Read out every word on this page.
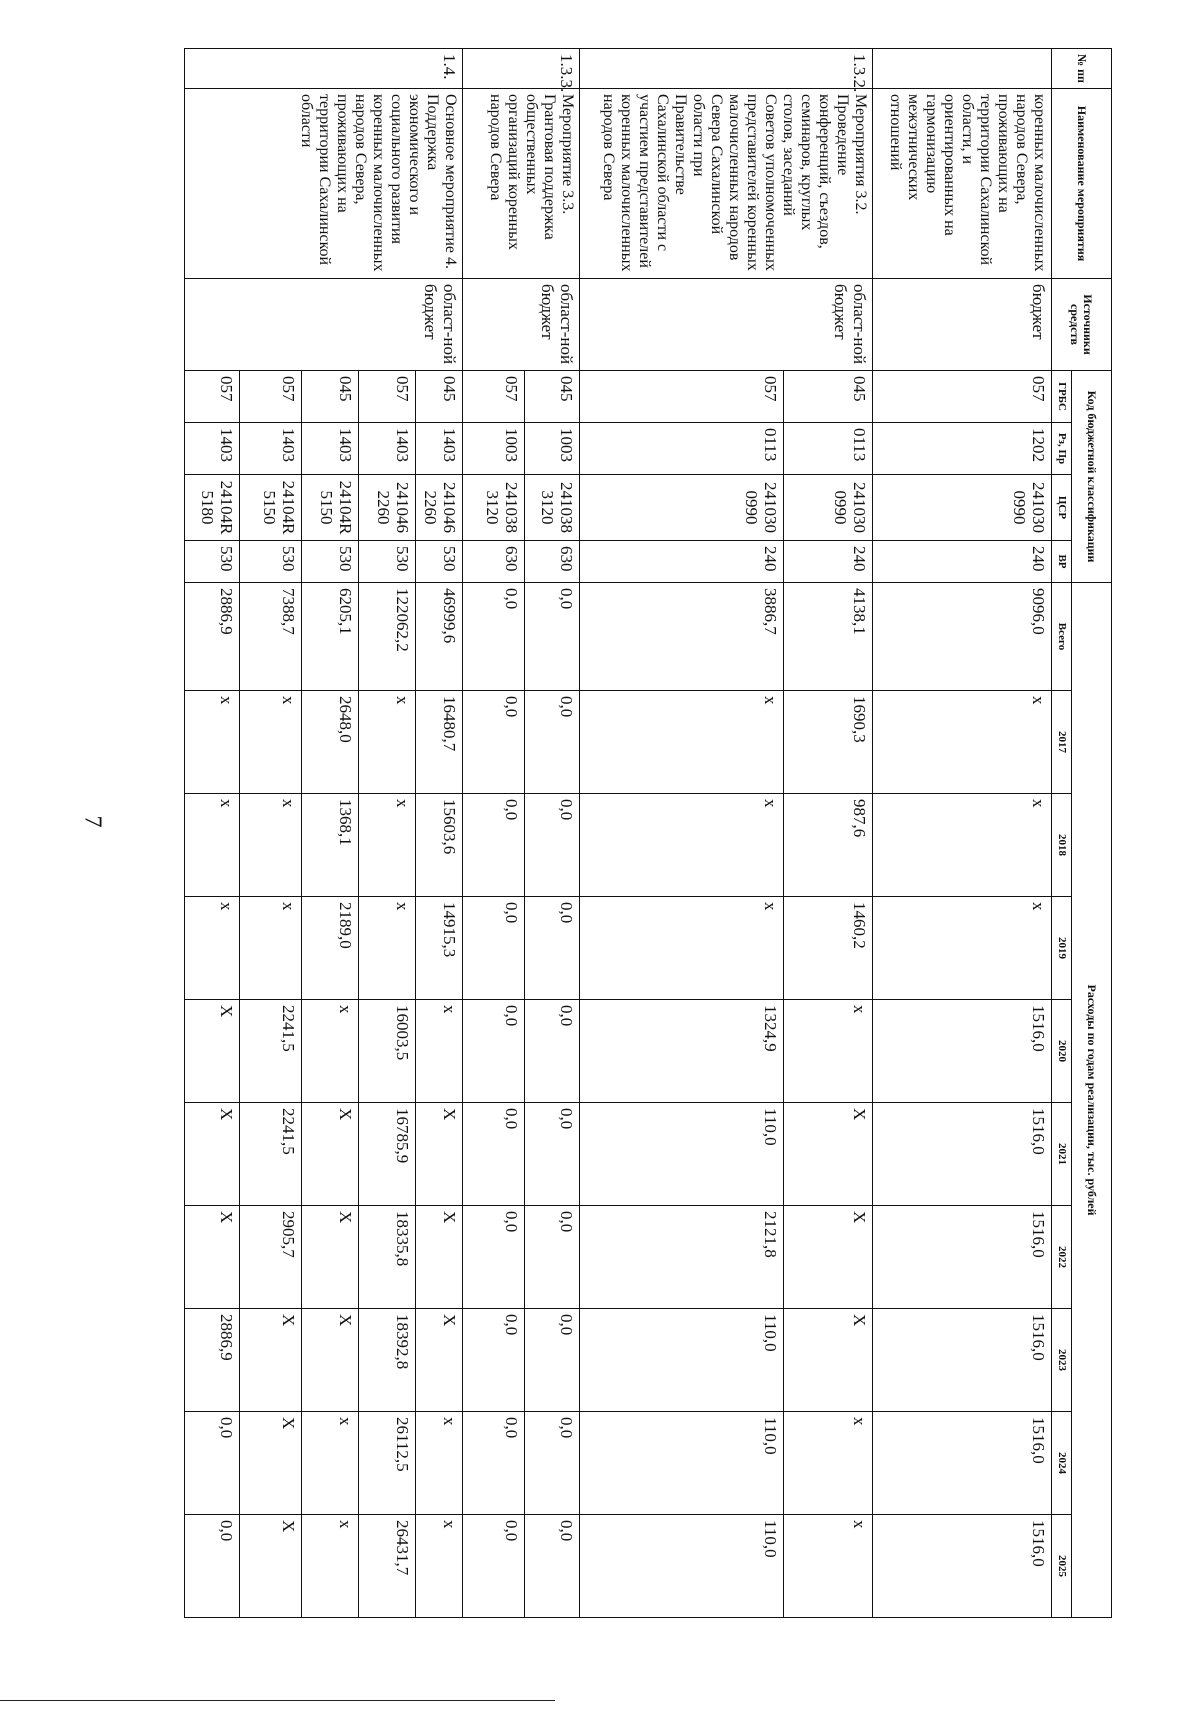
7
№ пп	Наименование мероприятия	Источники средств	Код бюджетной классификации				Расходы по годам реализации, тыс. рублей									
			ГРБС	Рз, Пр	ЦСР	ВР	Всего	2017	2018	2019	2020	2021	2022	2023	2024	2025
	коренных малочисленных народов Севера, проживающих на территории Сахалинской области, и ориентированных на гармонизацию межэтнических отношений	бюджет	057	1202	241030 0990	240	9096,0	х	х	х	1516,0	1516,0	1516,0	1516,0	1516,0	1516,0
1.3.2.	Мероприятия 3.2. Проведение конференций, съездов, семинаров, круглых столов, заседаний Советов уполномоченных представителей коренных малочисленных народов Севера Сахалинской области при Правительстве Сахалинской области с участием представителей коренных малочисленных народов Севера	област-ной бюджет	045	0113	241030 0990	240	4138,1	1690,3	987,6	1460,2	х	Х	Х	Х	х	х
			057	0113	241030 0990	240	3886,7	х	х	х	1324,9	110,0	2121,8	110,0	110,0	110,0
1.3.3.	Мероприятие 3.3. Грантовая поддержка общественных организаций коренных народов Севера	област-ной бюджет	045	1003	241038 3120	630	0,0	0,0	0,0	0,0	0,0	0,0	0,0	0,0	0,0	0,0
			057	1003	241038 3120	630	0,0	0,0	0,0	0,0	0,0	0,0	0,0	0,0	0,0	0,0
1.4.	Основное мероприятие 4. Поддержка экономического и социального развития коренных малочисленных народов Севера, проживающих на территории Сахалинской области	област-ной бюджет	045	1403	241046 2260	530	46999,6	16480,7	15603,6	14915,3	х	Х	Х	Х	х	х
			057	1403	241046 2260	530	122062,2	х	х	х	16003,5	16785,9	18335,8	18392,8	26112,5	26431,7
			045	1403	24104R 5150	530	6205,1	2648,0	1368,1	2189,0	х	Х	Х	Х	х	х
			057	1403	24104R 5150	530	7388,7	х	х	х	2241,5	2241,5	2905,7	Х	Х	Х
			057	1403	24104R 5180	530	2886,9	х	х	х	Х	Х	Х	2886,9	0,0	0,0
